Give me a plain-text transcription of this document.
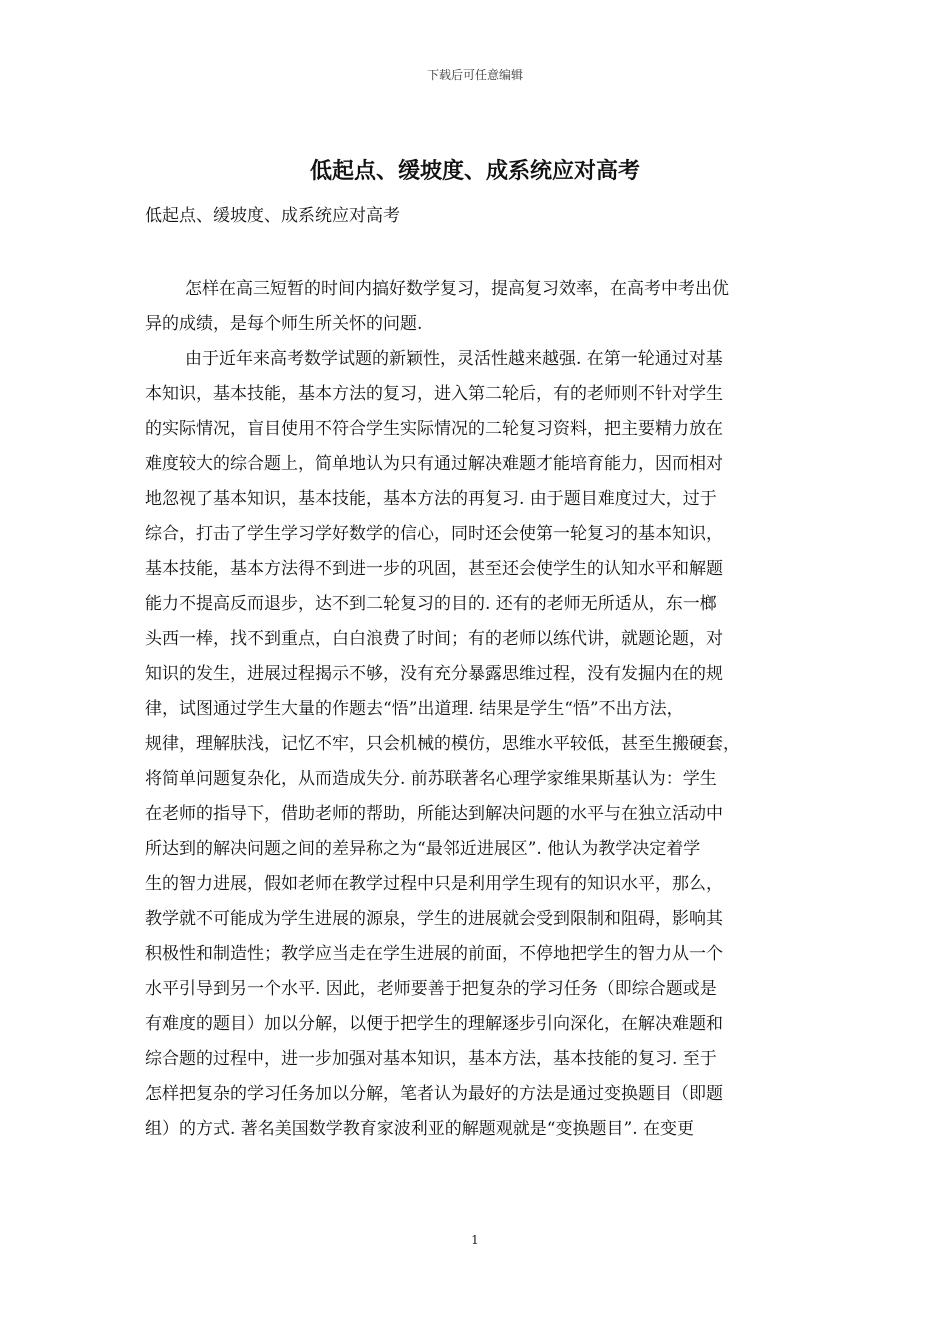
下载后可任意编辑
低起点、缓坡度、成系统应对高考

低起点、缓坡度、成系统应对高考

怎样在高三短暂的时间内搞好数学复习，提高复习效率，在高考中考出优
异的成绩，是每个师生所关怀的问题.
由于近年来高考数学试题的新颖性，灵活性越来越强. 在第一轮通过对基
本知识，基本技能，基本方法的复习，进入第二轮后，有的老师则不针对学生
的实际情况，盲目使用不符合学生实际情况的二轮复习资料，把主要精力放在
难度较大的综合题上，简单地认为只有通过解决难题才能培育能力，因而相对
地忽视了基本知识，基本技能，基本方法的再复习. 由于题目难度过大，过于
综合，打击了学生学习学好数学的信心，同时还会使第一轮复习的基本知识，
基本技能，基本方法得不到进一步的巩固，甚至还会使学生的认知水平和解题
能力不提高反而退步，达不到二轮复习的目的. 还有的老师无所适从，东一榔
头西一棒，找不到重点，白白浪费了时间；有的老师以练代讲，就题论题，对
知识的发生，进展过程揭示不够，没有充分暴露思维过程，没有发掘内在的规
律，试图通过学生大量的作题去“悟”出道理. 结果是学生“悟”不出方法，
规律，理解肤浅，记忆不牢，只会机械的模仿，思维水平较低，甚至生搬硬套，
将简单问题复杂化，从而造成失分. 前苏联著名心理学家维果斯基认为：学生
在老师的指导下，借助老师的帮助，所能达到解决问题的水平与在独立活动中
所达到的解决问题之间的差异称之为“最邻近进展区”. 他认为教学决定着学
生的智力进展，假如老师在教学过程中只是利用学生现有的知识水平，那么，
教学就不可能成为学生进展的源泉，学生的进展就会受到限制和阻碍，影响其
积极性和制造性；教学应当走在学生进展的前面，不停地把学生的智力从一个
水平引导到另一个水平. 因此，老师要善于把复杂的学习任务（即综合题或是
有难度的题目）加以分解，以便于把学生的理解逐步引向深化，在解决难题和
综合题的过程中，进一步加强对基本知识，基本方法，基本技能的复习. 至于
怎样把复杂的学习任务加以分解，笔者认为最好的方法是通过变换题目（即题
组）的方式. 著名美国数学教育家波利亚的解题观就是“变换题目”. 在变更
1
